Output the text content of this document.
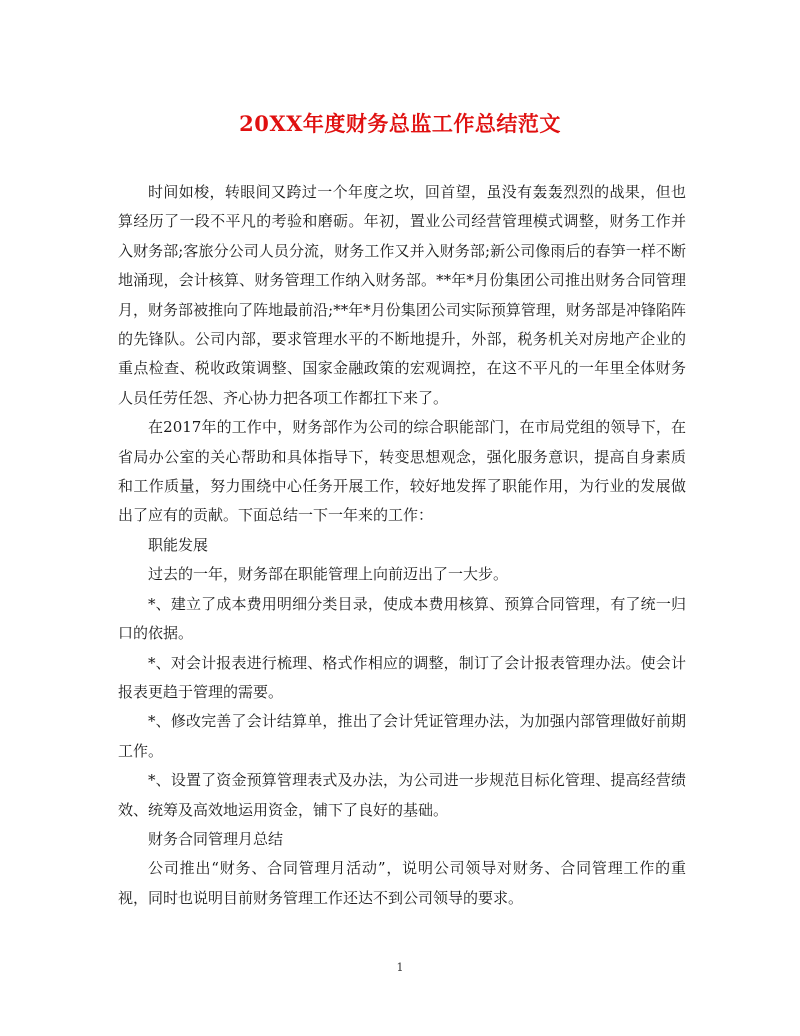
20XX年度财务总监工作总结范文

时间如梭，转眼间又跨过一个年度之坎，回首望，虽没有轰轰烈烈的战果，但也算经历了一段不平凡的考验和磨砺。年初，置业公司经营管理模式调整，财务工作并入财务部;客旅分公司人员分流，财务工作又并入财务部;新公司像雨后的春笋一样不断地涌现，会计核算、财务管理工作纳入财务部。**年*月份集团公司推出财务合同管理月，财务部被推向了阵地最前沿;**年*月份集团公司实际预算管理，财务部是冲锋陷阵的先锋队。公司内部，要求管理水平的不断地提升，外部，税务机关对房地产企业的重点检查、税收政策调整、国家金融政策的宏观调控，在这不平凡的一年里全体财务人员任劳任怨、齐心协力把各项工作都扛下来了。

在2017年的工作中，财务部作为公司的综合职能部门，在市局党组的领导下，在省局办公室的关心帮助和具体指导下，转变思想观念，强化服务意识，提高自身素质和工作质量，努力围绕中心任务开展工作，较好地发挥了职能作用，为行业的发展做出了应有的贡献。下面总结一下一年来的工作：

职能发展

过去的一年，财务部在职能管理上向前迈出了一大步。

*、建立了成本费用明细分类目录，使成本费用核算、预算合同管理，有了统一归口的依据。

*、对会计报表进行梳理、格式作相应的调整，制订了会计报表管理办法。使会计报表更趋于管理的需要。

*、修改完善了会计结算单，推出了会计凭证管理办法，为加强内部管理做好前期工作。

*、设置了资金预算管理表式及办法，为公司进一步规范目标化管理、提高经营绩效、统筹及高效地运用资金，铺下了良好的基础。

财务合同管理月总结

公司推出“财务、合同管理月活动”，说明公司领导对财务、合同管理工作的重视，同时也说明目前财务管理工作还达不到公司领导的要求。

1
